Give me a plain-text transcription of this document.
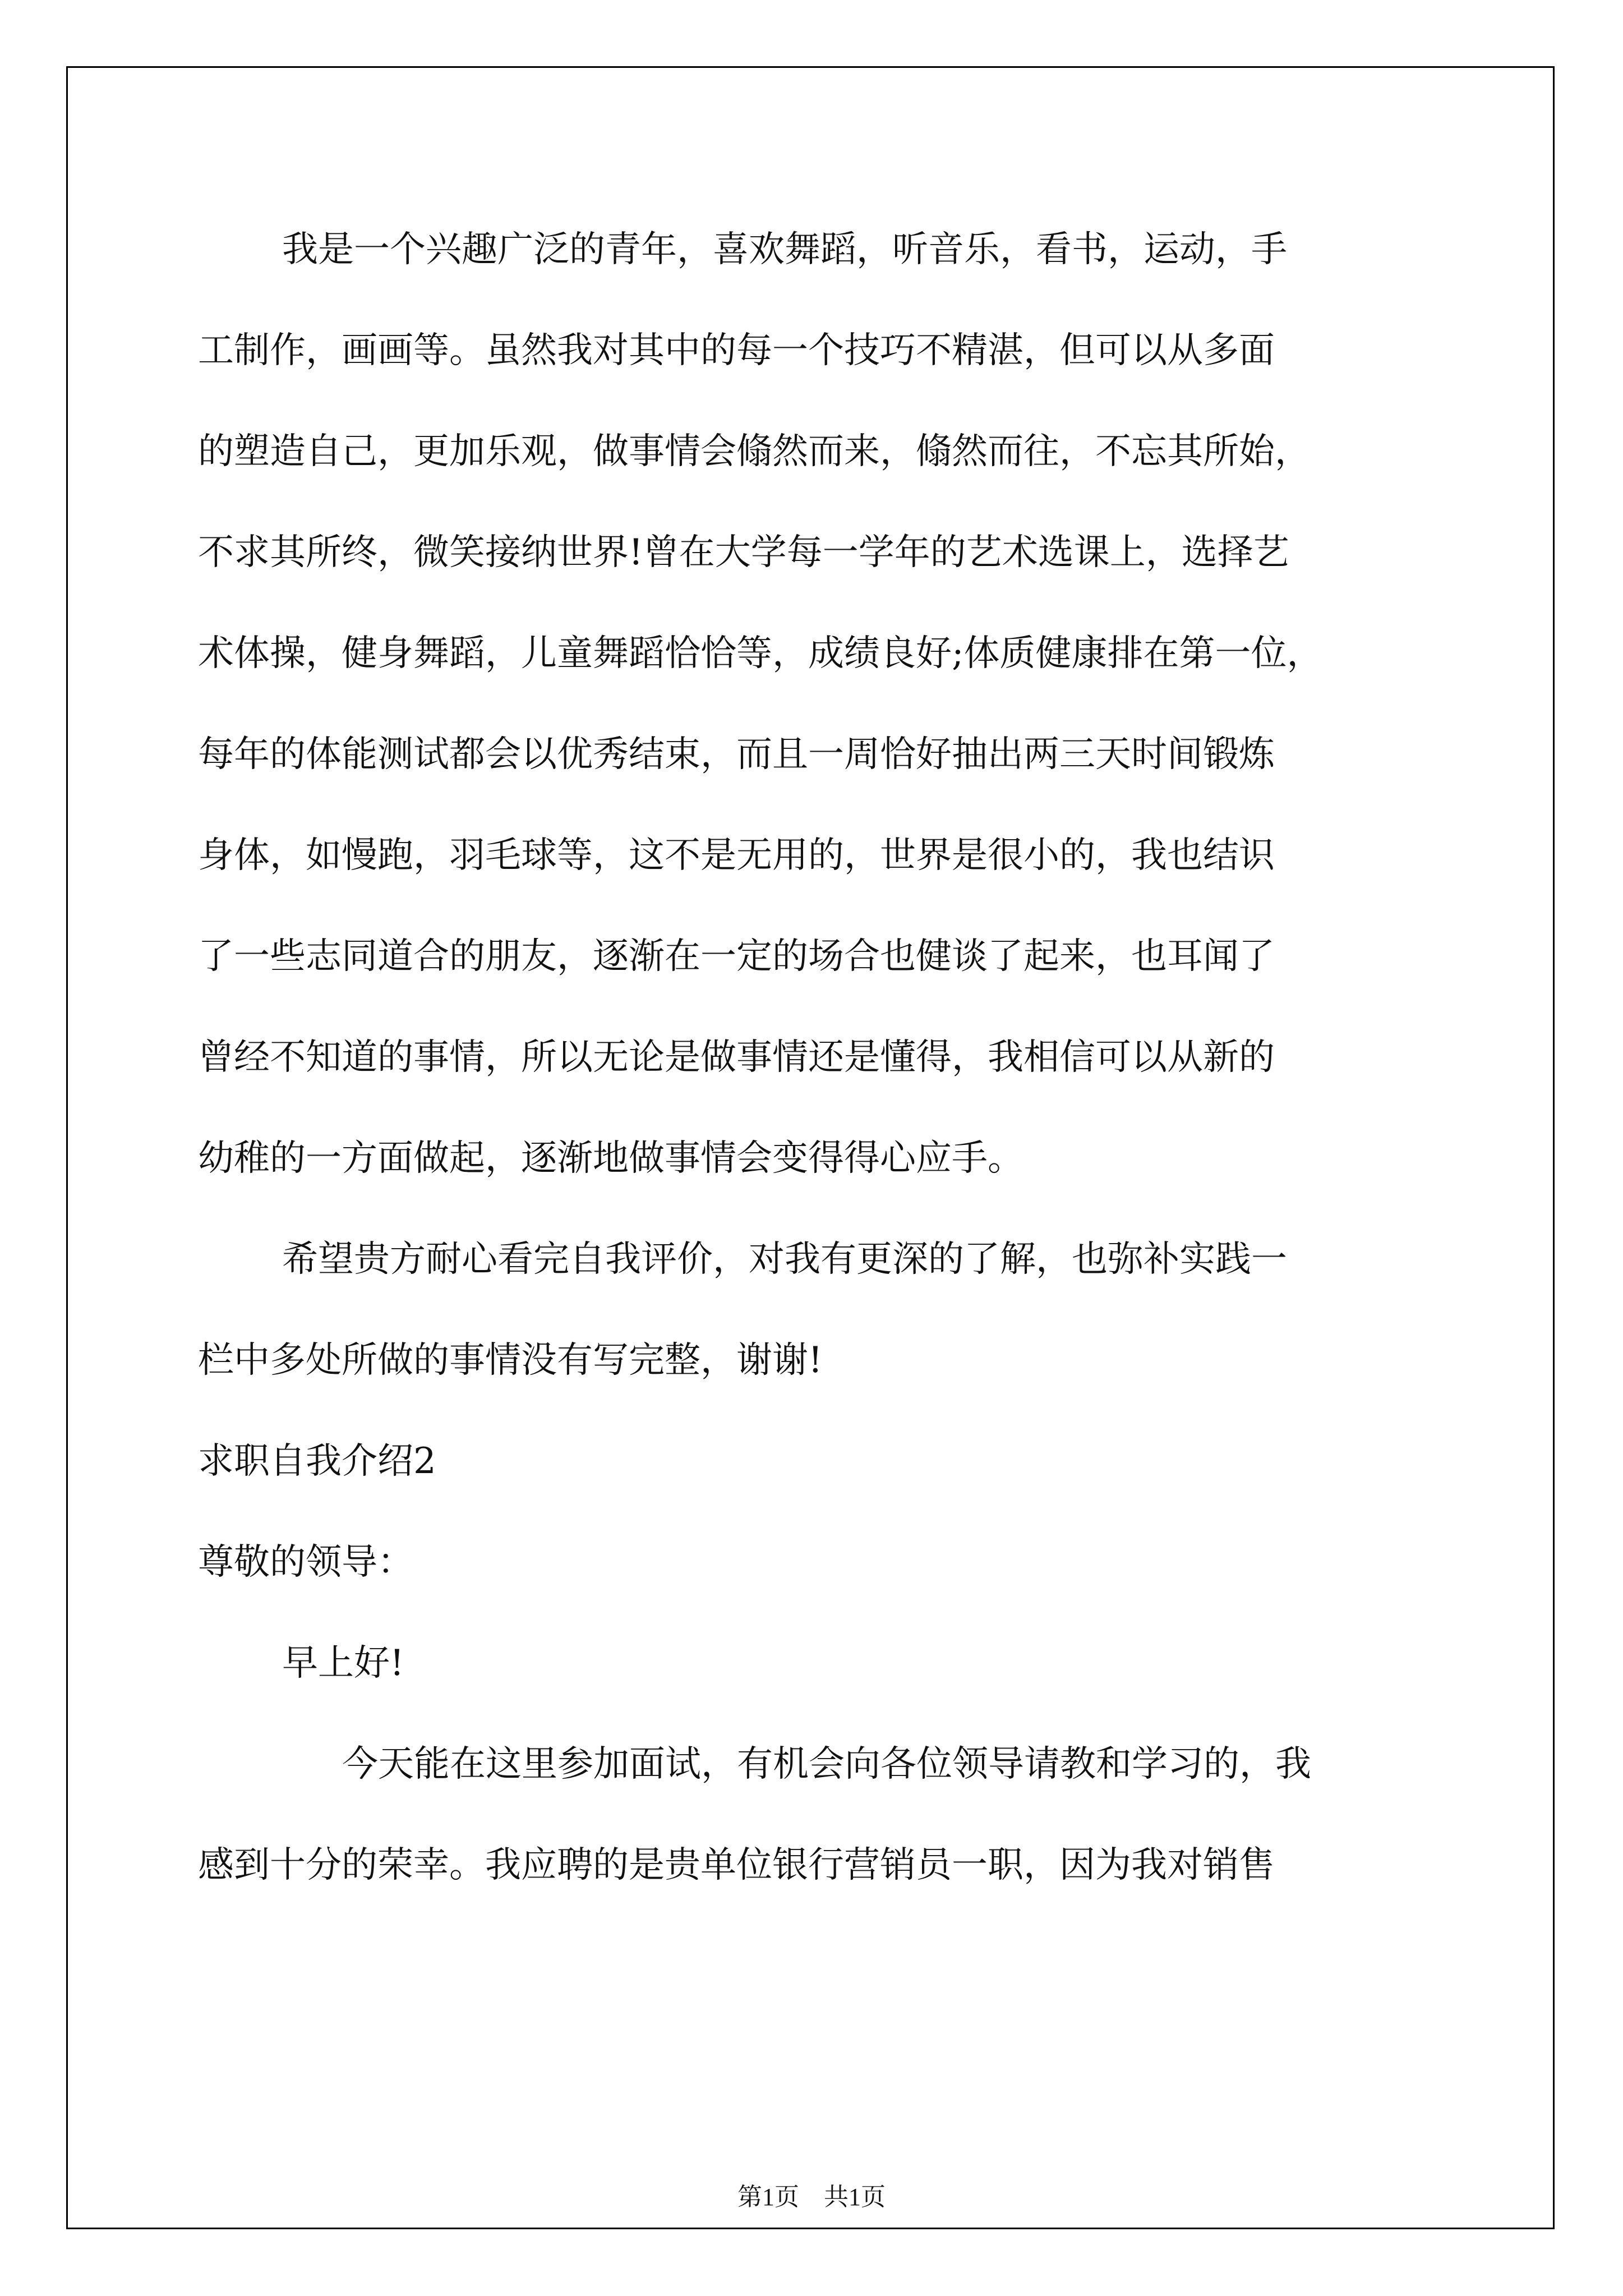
我是一个兴趣广泛的青年，喜欢舞蹈，听音乐，看书，运动，手

工制作，画画等。虽然我对其中的每一个技巧不精湛，但可以从多面

的塑造自己，更加乐观，做事情会翛然而来，翛然而往，不忘其所始，

不求其所终，微笑接纳世界!曾在大学每一学年的艺术选课上，选择艺

术体操，健身舞蹈，儿童舞蹈恰恰等，成绩良好;体质健康排在第一位，

每年的体能测试都会以优秀结束，而且一周恰好抽出两三天时间锻炼

身体，如慢跑，羽毛球等，这不是无用的，世界是很小的，我也结识

了一些志同道合的朋友，逐渐在一定的场合也健谈了起来，也耳闻了

曾经不知道的事情，所以无论是做事情还是懂得，我相信可以从新的

幼稚的一方面做起，逐渐地做事情会变得得心应手。

希望贵方耐心看完自我评价，对我有更深的了解，也弥补实践一

栏中多处所做的事情没有写完整，谢谢!

求职自我介绍2

尊敬的领导：

早上好!

今天能在这里参加面试，有机会向各位领导请教和学习的，我

感到十分的荣幸。我应聘的是贵单位银行营销员一职，因为我对销售

第1页　共1页
